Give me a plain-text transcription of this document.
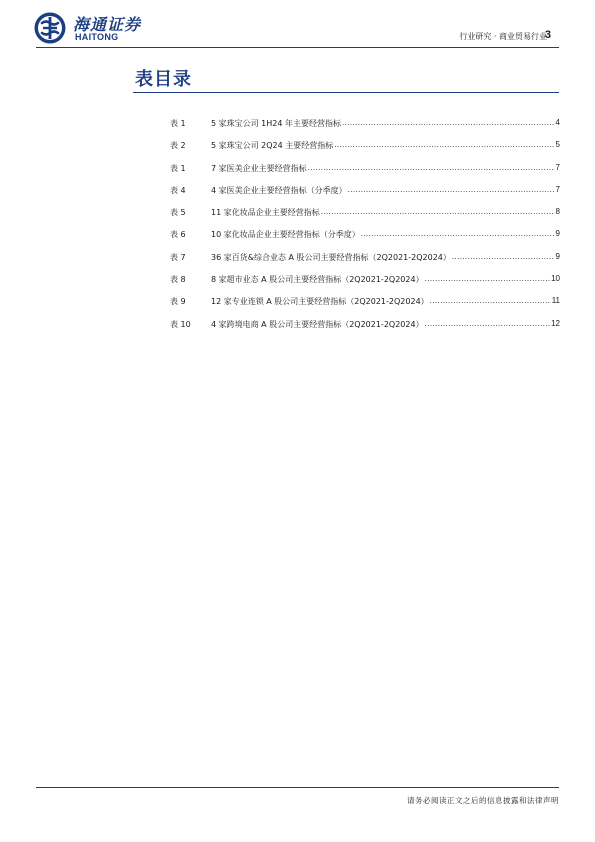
海通证券
HAITONG	行业研究 · 商业贸易行业
3
表目录
表 1	5 家珠宝公司 1H24 年主要经营指标 .....	4
表 2	5 家珠宝公司 2Q24 主要经营指标 .....	5
表 1	7 家医美企业主要经营指标 .....	7
表 4	4 家医美企业主要经营指标（分季度） .....	7
表 5	11 家化妆品企业主要经营指标 .....	8
表 6	10 家化妆品企业主要经营指标（分季度） .....	9
表 7	36 家百货&综合业态 A 股公司主要经营指标（2Q2021-2Q2024） .....	9
表 8	8 家超市业态 A 股公司主要经营指标（2Q2021-2Q2024） .....	10
表 9	12 家专业连锁 A 股公司主要经营指标（2Q2021-2Q2024） .....	11
表 10	4 家跨境电商 A 股公司主要经营指标（2Q2021-2Q2024） .....	12
请务必阅读正文之后的信息披露和法律声明
